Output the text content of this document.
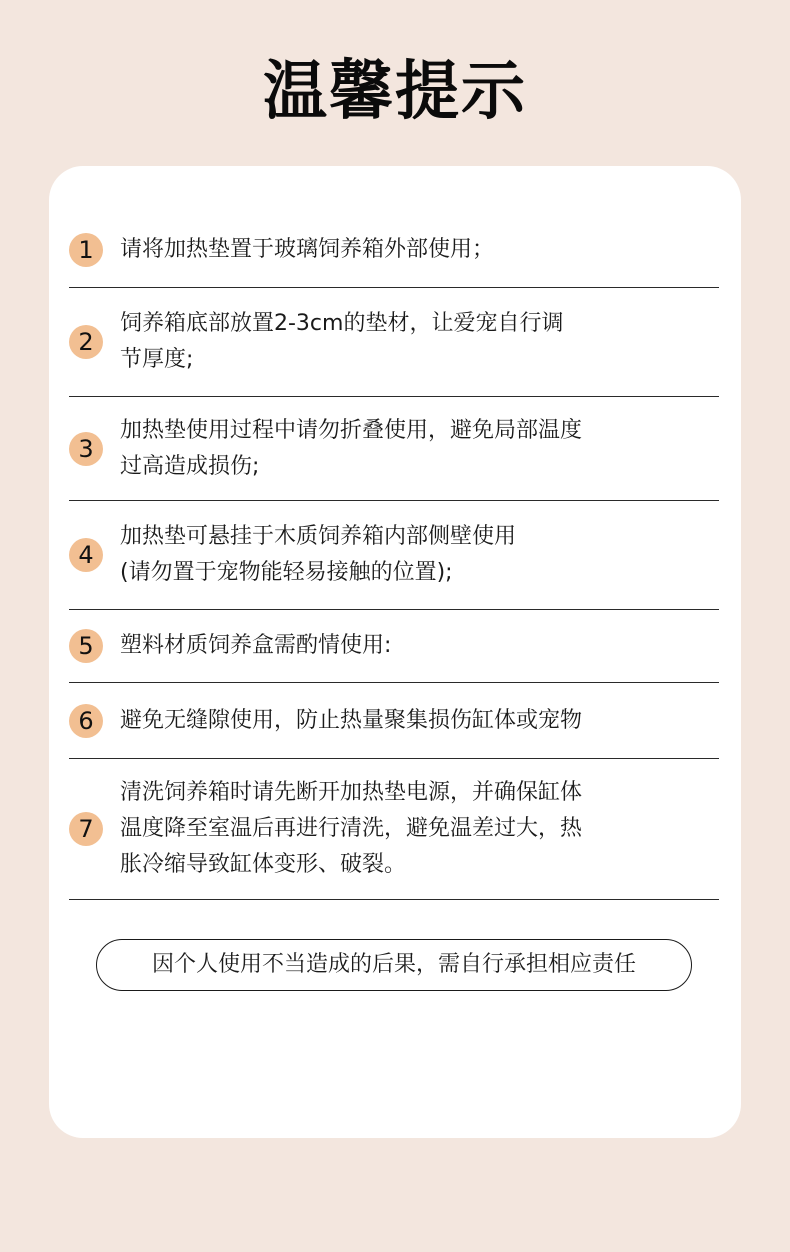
温馨提示
1	请将加热垫置于玻璃饲养箱外部使用；
2
饲养箱底部放置2-3cm的垫材，让爱宠自行调
节厚度;
3
加热垫使用过程中请勿折叠使用，避免局部温度
过高造成损伤;
4
加热垫可悬挂于木质饲养箱内部侧壁使用
(请勿置于宠物能轻易接触的位置);
5	塑料材质饲养盒需酌情使用:
6	避免无缝隙使用，防止热量聚集损伤缸体或宠物
7
清洗饲养箱时请先断开加热垫电源，并确保缸体
温度降至室温后再进行清洗，避免温差过大，热
胀冷缩导致缸体变形、破裂。
因个人使用不当造成的后果，需自行承担相应责任
